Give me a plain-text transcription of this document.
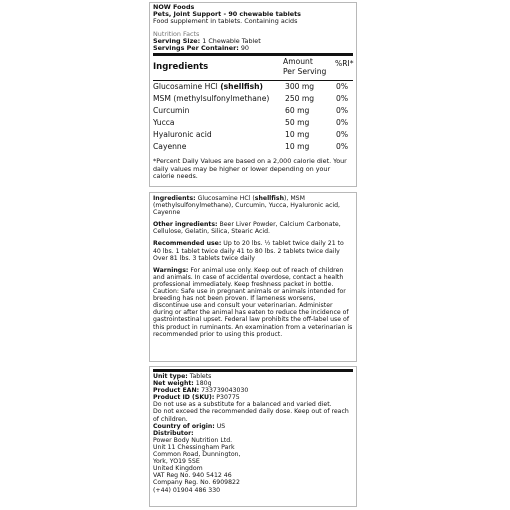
NOW Foods
Pets, Joint Support - 90 chewable tablets
Food supplement in tablets. Containing acids
Nutrition Facts
Serving Size: 1 Chewable Tablet
Servings Per Container: 90
Ingredients
Amount
Per Serving
%RI*
Glucosamine HCl (shellfish)	300 mg	0%
MSM (methylsulfonylmethane) 250 mg	0%
Curcumin	60 mg	0%
Yucca	50 mg	0%
Hyaluronic acid	10 mg	0%
Cayenne	10 mg	0%
*Percent Daily Values are based on a 2,000 calorie diet. Your daily values may be higher or lower depending on your calorie needs.
Ingredients: Glucosamine HCl (shellfish), MSM (methylsulfonylmethane), Curcumin, Yucca, Hyaluronic acid, Cayenne
Other ingredients: Beer Liver Powder, Calcium Carbonate, Cellulose, Gelatin, Silica, Stearic Acid.
Recommended use: Up to 20 lbs. ½ tablet twice daily 21 to 40 lbs. 1 tablet twice daily 41 to 80 lbs. 2 tablets twice daily Over 81 lbs. 3 tablets twice daily
Warnings: For animal use only. Keep out of reach of children and animals. In case of accidental overdose, contact a health professional immediately. Keep freshness packet in bottle. Caution: Safe use in pregnant animals or animals intended for breeding has not been proven. If lameness worsens, discontinue use and consult your veterinarian. Administer during or after the animal has eaten to reduce the incidence of gastrointestinal upset. Federal law prohibits the off-label use of this product in ruminants. An examination from a veterinarian is recommended prior to using this product.
Unit type: Tablets
Net weight: 180g
Product EAN: 733739043030
Product ID (SKU): P30775
Do not use as a substitute for a balanced and varied diet.
Do not exceed the recommended daily dose. Keep out of reach of children.
Country of origin: US
Distributor:
Power Body Nutrition Ltd.
Unit 11 Chessingham Park
Common Road, Dunnington,
York, YO19 5SE
United Kingdom
VAT Reg No. 940 5412 46
Company Reg. No. 6909822
(+44) 01904 486 330
